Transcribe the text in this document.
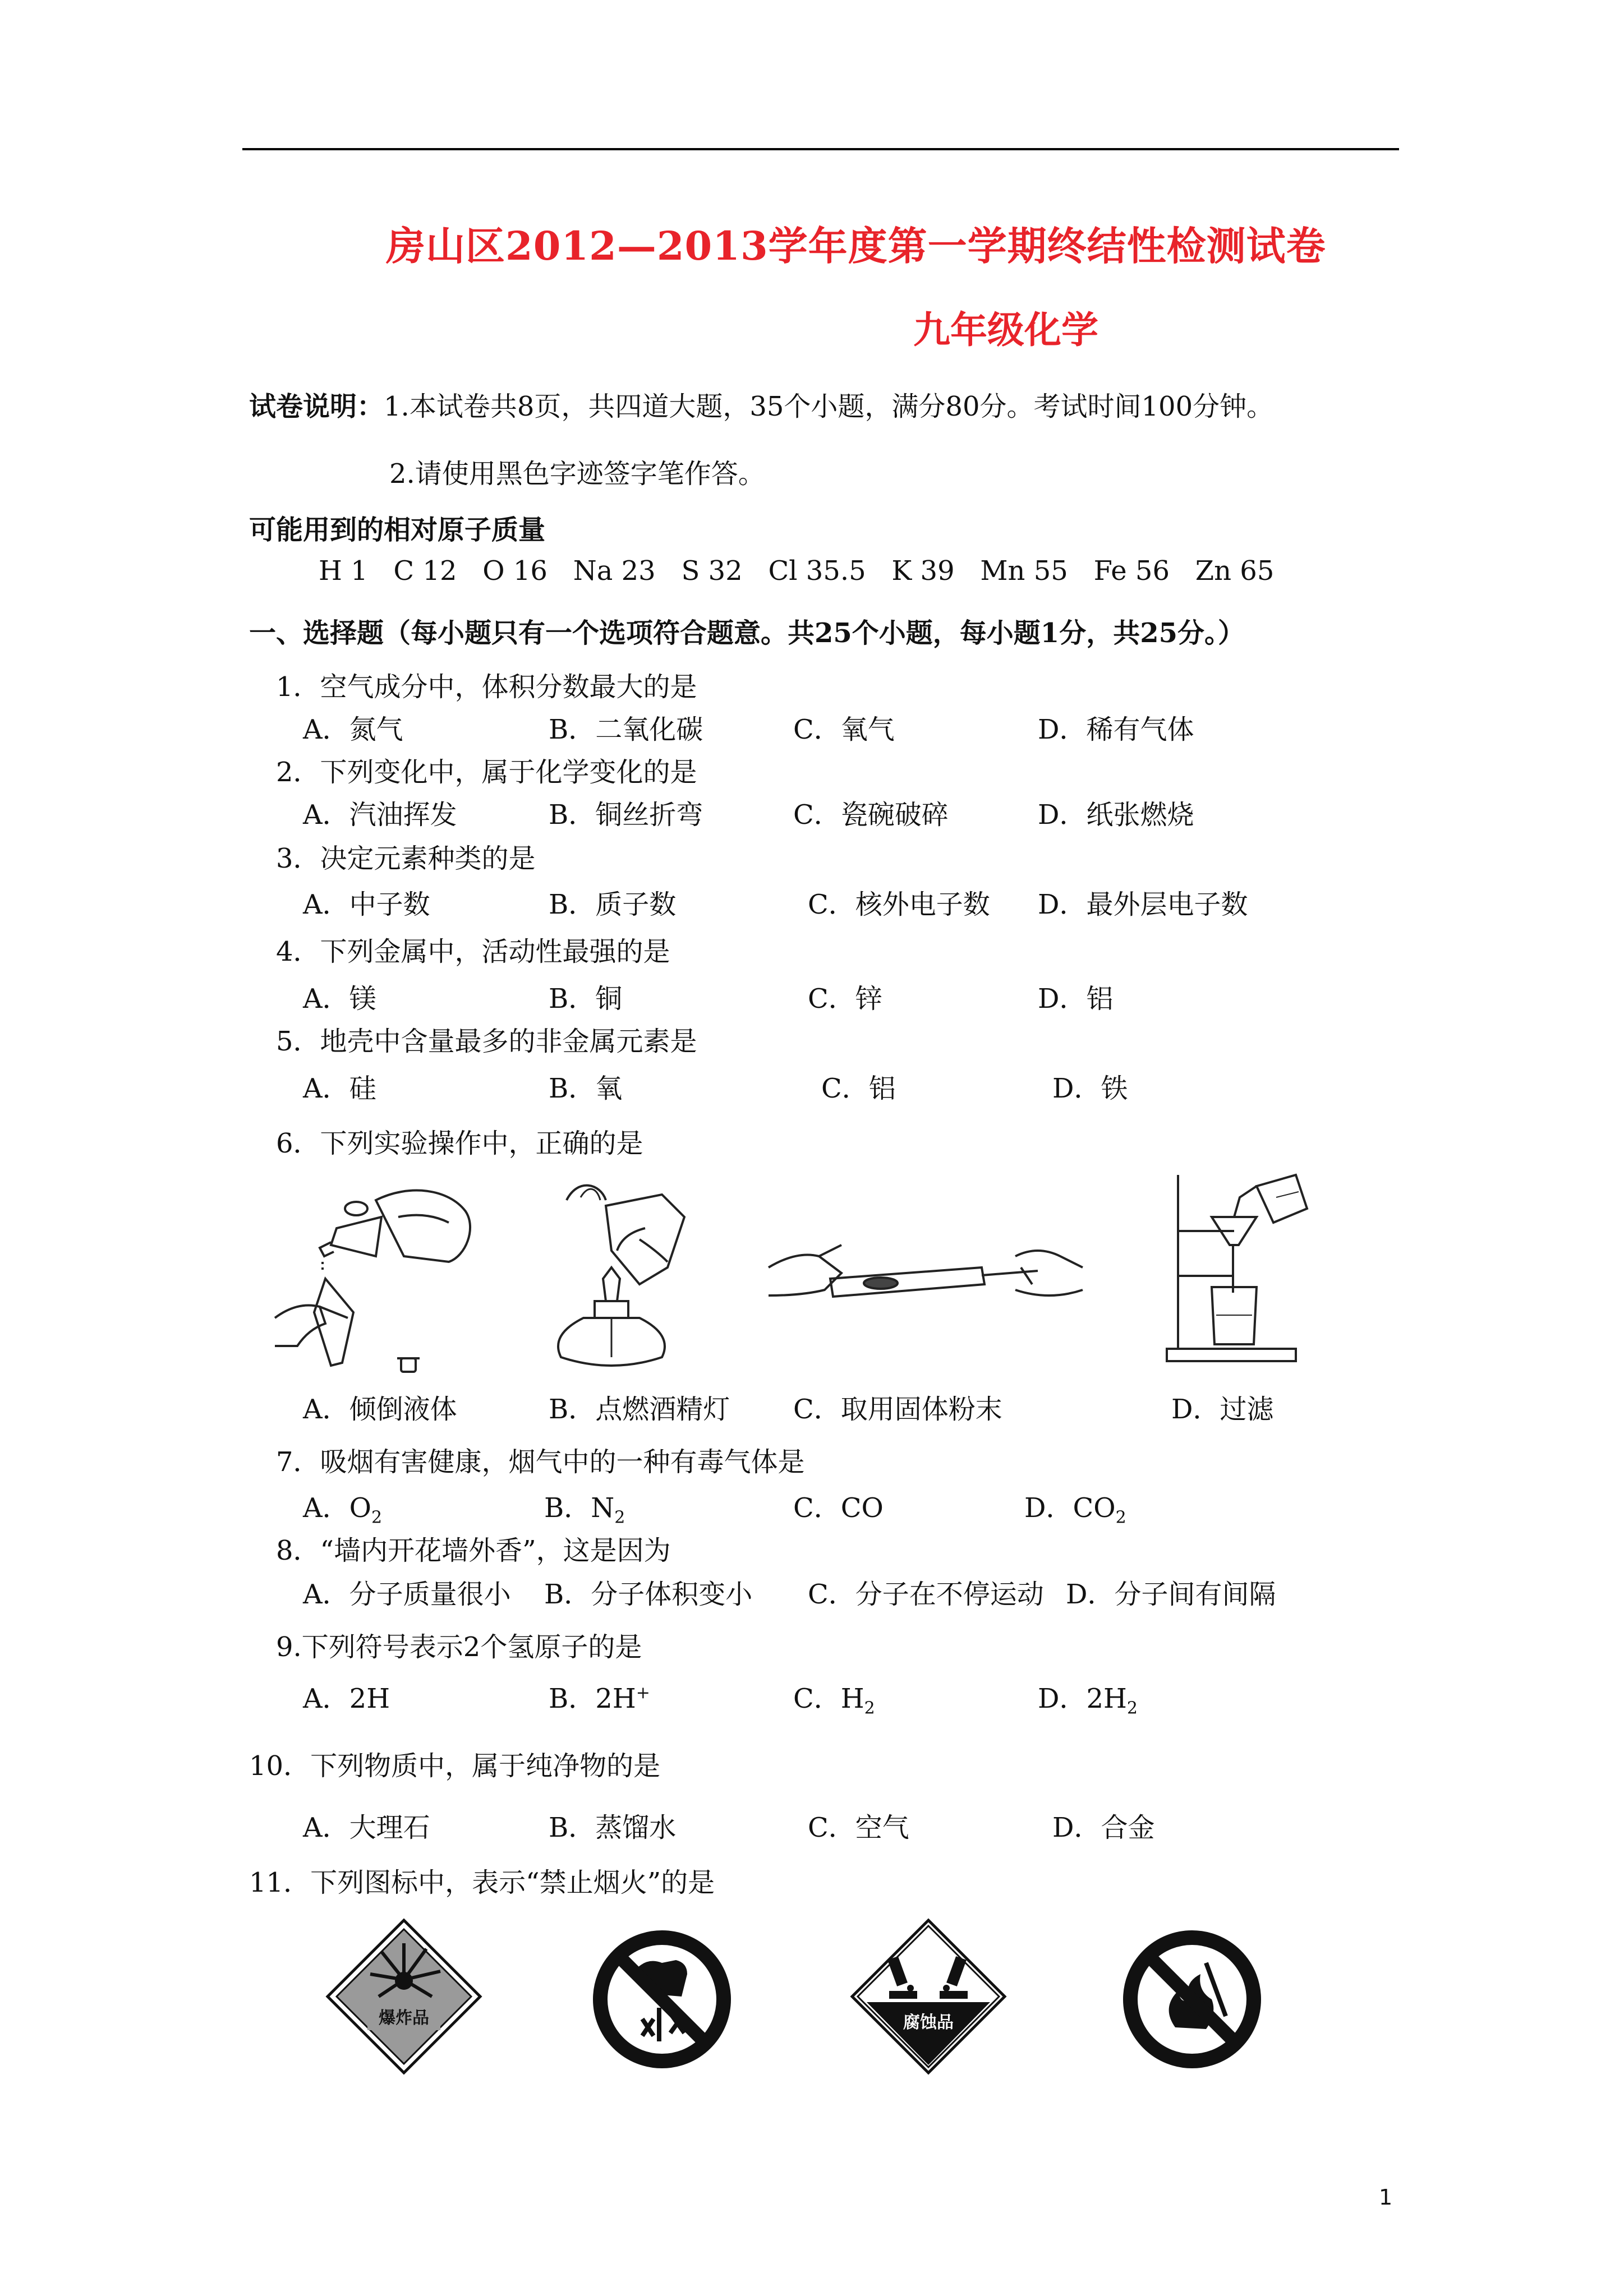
房山区2012—2013学年度第一学期终结性检测试卷
九年级化学
试卷说明：1.本试卷共8页，共四道大题，35个小题，满分80分。考试时间100分钟。
2.请使用黑色字迹签字笔作答。
可能用到的相对原子质量
H 1   C 12   O 16   Na 23   S 32   Cl 35.5   K 39   Mn 55   Fe 56   Zn 65
一、选择题（每小题只有一个选项符合题意。共25个小题，每小题1分，共25分。）
1．空气成分中，体积分数最大的是
A．氮气	B．二氧化碳	C．氧气	D．稀有气体
2．下列变化中，属于化学变化的是
A．汽油挥发	B．铜丝折弯	C．瓷碗破碎	D．纸张燃烧
3．决定元素种类的是
A．中子数	B．质子数	C．核外电子数 D．最外层电子数
4．下列金属中，活动性最强的是
A．镁	B．铜	C．锌	D．铝
5．地壳中含量最多的非金属元素是
A．硅	B．氧	C．铝	D．铁
6．下列实验操作中，正确的是
A．倾倒液体	B．点燃酒精灯 C．取用固体粉末	D．过滤
7．吸烟有害健康，烟气中的一种有毒气体是
A．$O_2$	B．$N_2$	C．CO	D．$CO_2$
8．“墙内开花墙外香”，这是因为
A．分子质量很小 B．分子体积变小 C．分子在不停运动 D．分子间有间隔
9.下列符号表示2个氢原子的是
A．2H	B．2H+	C．$H_2$	D．$2H_2$
10．下列物质中，属于纯净物的是
A．大理石	B．蒸馏水	C．空气	D．合金
11．下列图标中，表示“禁止烟火”的是
爆炸品	腐蚀品
1
